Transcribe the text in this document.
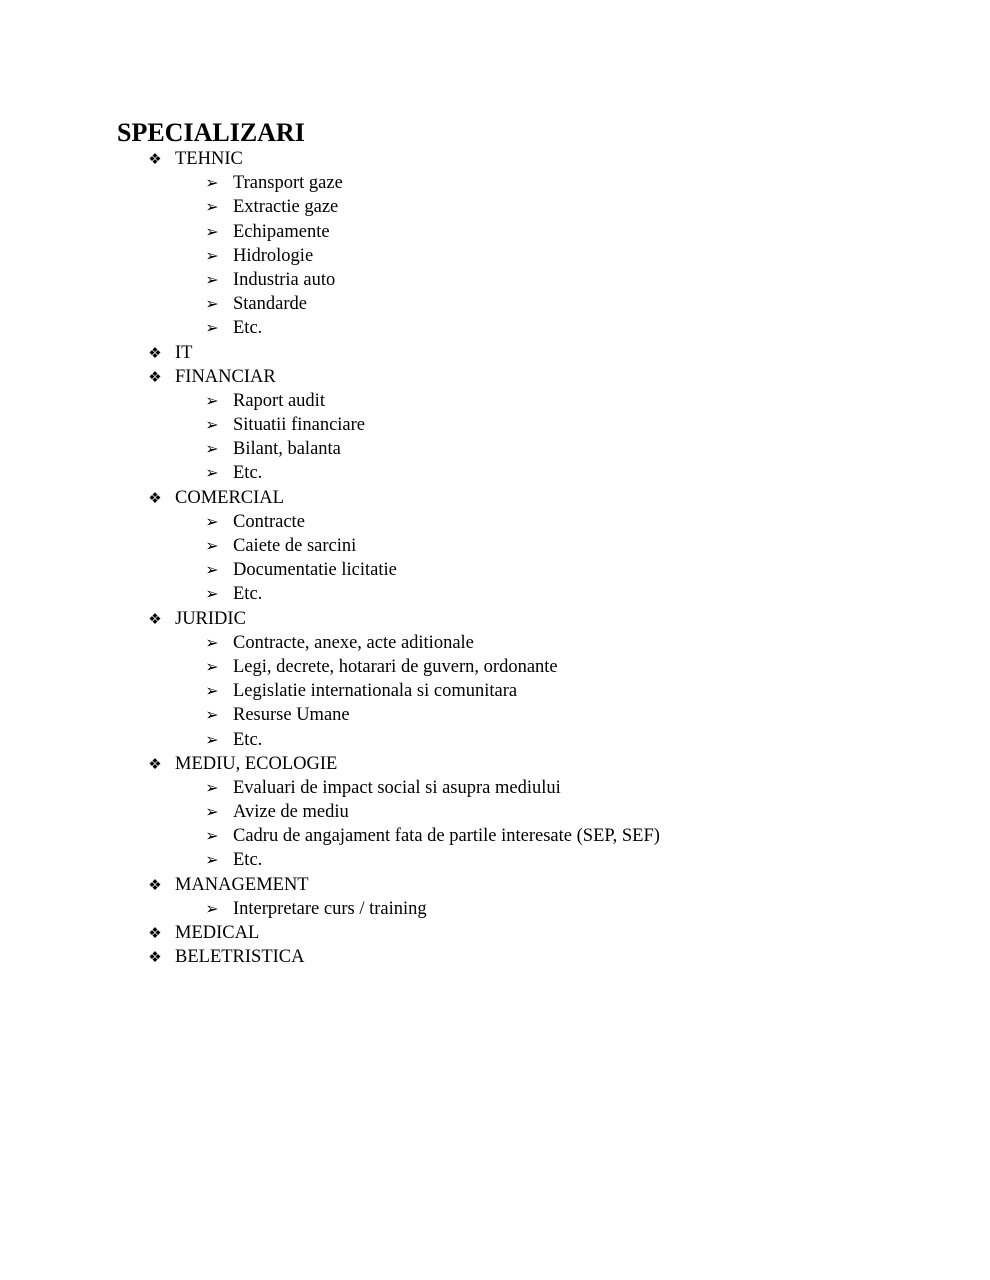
SPECIALIZARI
❖ TEHNIC
➢ Transport gaze
➢ Extractie gaze
➢ Echipamente
➢ Hidrologie
➢ Industria auto
➢ Standarde
➢ Etc.
❖ IT
❖ FINANCIAR
➢ Raport audit
➢ Situatii financiare
➢ Bilant, balanta
➢ Etc.
❖ COMERCIAL
➢ Contracte
➢ Caiete de sarcini
➢ Documentatie licitatie
➢ Etc.
❖ JURIDIC
➢ Contracte, anexe, acte aditionale
➢ Legi, decrete, hotarari de guvern, ordonante
➢ Legislatie internationala si comunitara
➢ Resurse Umane
➢ Etc.
❖ MEDIU, ECOLOGIE
➢ Evaluari de impact social si asupra mediului
➢ Avize de mediu
➢ Cadru de angajament fata de partile interesate (SEP, SEF)
➢ Etc.
❖ MANAGEMENT
➢ Interpretare curs / training
❖ MEDICAL
❖ BELETRISTICA
